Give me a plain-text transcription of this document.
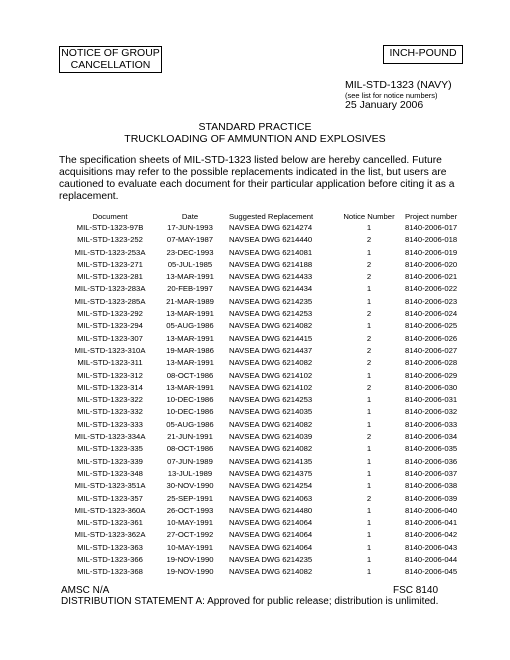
NOTICE OF GROUP
CANCELLATION
INCH-POUND
MIL-STD-1323 (NAVY)
(see list for notice numbers)
25 January 2006
STANDARD PRACTICE
TRUCKLOADING OF AMMUNTION AND EXPLOSIVES
The specification sheets of MIL-STD-1323 listed below are hereby cancelled. Future acquisitions may refer to the possible replacements indicated in the list, but users are cautioned to evaluate each document for their particular application before citing it as a replacement.
Document	Date	Suggested Replacement	Notice Number	Project number
MIL-STD-1323-97B	17-JUN-1993	NAVSEA DWG 6214274	1	8140-2006-017
MIL-STD-1323-252	07-MAY-1987	NAVSEA DWG 6214440	2	8140-2006-018
MIL-STD-1323-253A	23-DEC-1993	NAVSEA DWG 6214081	1	8140-2006-019
MIL-STD-1323-271	05-JUL-1985	NAVSEA DWG 6214188	2	8140-2006-020
MIL-STD-1323-281	13-MAR-1991	NAVSEA DWG 6214433	2	8140-2006-021
MIL-STD-1323-283A	20-FEB-1997	NAVSEA DWG 6214434	1	8140-2006-022
MIL-STD-1323-285A	21-MAR-1989	NAVSEA DWG 6214235	1	8140-2006-023
MIL-STD-1323-292	13-MAR-1991	NAVSEA DWG 6214253	2	8140-2006-024
MIL-STD-1323-294	05-AUG-1986	NAVSEA DWG 6214082	1	8140-2006-025
MIL-STD-1323-307	13-MAR-1991	NAVSEA DWG 6214415	2	8140-2006-026
MIL-STD-1323-310A	19-MAR-1986	NAVSEA DWG 6214437	2	8140-2006-027
MIL-STD-1323-311	13-MAR-1991	NAVSEA DWG 6214082	2	8140-2006-028
MIL-STD-1323-312	08-OCT-1986	NAVSEA DWG 6214102	1	8140-2006-029
MIL-STD-1323-314	13-MAR-1991	NAVSEA DWG 6214102	2	8140-2006-030
MIL-STD-1323-322	10-DEC-1986	NAVSEA DWG 6214253	1	8140-2006-031
MIL-STD-1323-332	10-DEC-1986	NAVSEA DWG 6214035	1	8140-2006-032
MIL-STD-1323-333	05-AUG-1986	NAVSEA DWG 6214082	1	8140-2006-033
MIL-STD-1323-334A	21-JUN-1991	NAVSEA DWG 6214039	2	8140-2006-034
MIL-STD-1323-335	08-OCT-1986	NAVSEA DWG 6214082	1	8140-2006-035
MIL-STD-1323-339	07-JUN-1989	NAVSEA DWG 6214135	1	8140-2006-036
MIL-STD-1323-348	13-JUL-1989	NAVSEA DWG 6214375	1	8140-2006-037
MIL-STD-1323-351A	30-NOV-1990	NAVSEA DWG 6214254	1	8140-2006-038
MIL-STD-1323-357	25-SEP-1991	NAVSEA DWG 6214063	2	8140-2006-039
MIL-STD-1323-360A	26-OCT-1993	NAVSEA DWG 6214480	1	8140-2006-040
MIL-STD-1323-361	10-MAY-1991	NAVSEA DWG 6214064	1	8140-2006-041
MIL-STD-1323-362A	27-OCT-1992	NAVSEA DWG 6214064	1	8140-2006-042
MIL-STD-1323-363	10-MAY-1991	NAVSEA DWG 6214064	1	8140-2006-043
MIL-STD-1323-366	19-NOV-1990	NAVSEA DWG 6214235	1	8140-2006-044
MIL-STD-1323-368	19-NOV-1990	NAVSEA DWG 6214082	1	8140-2006-045
AMSC N/A	FSC 8140
DISTRIBUTION STATEMENT A: Approved for public release; distribution is unlimited.
